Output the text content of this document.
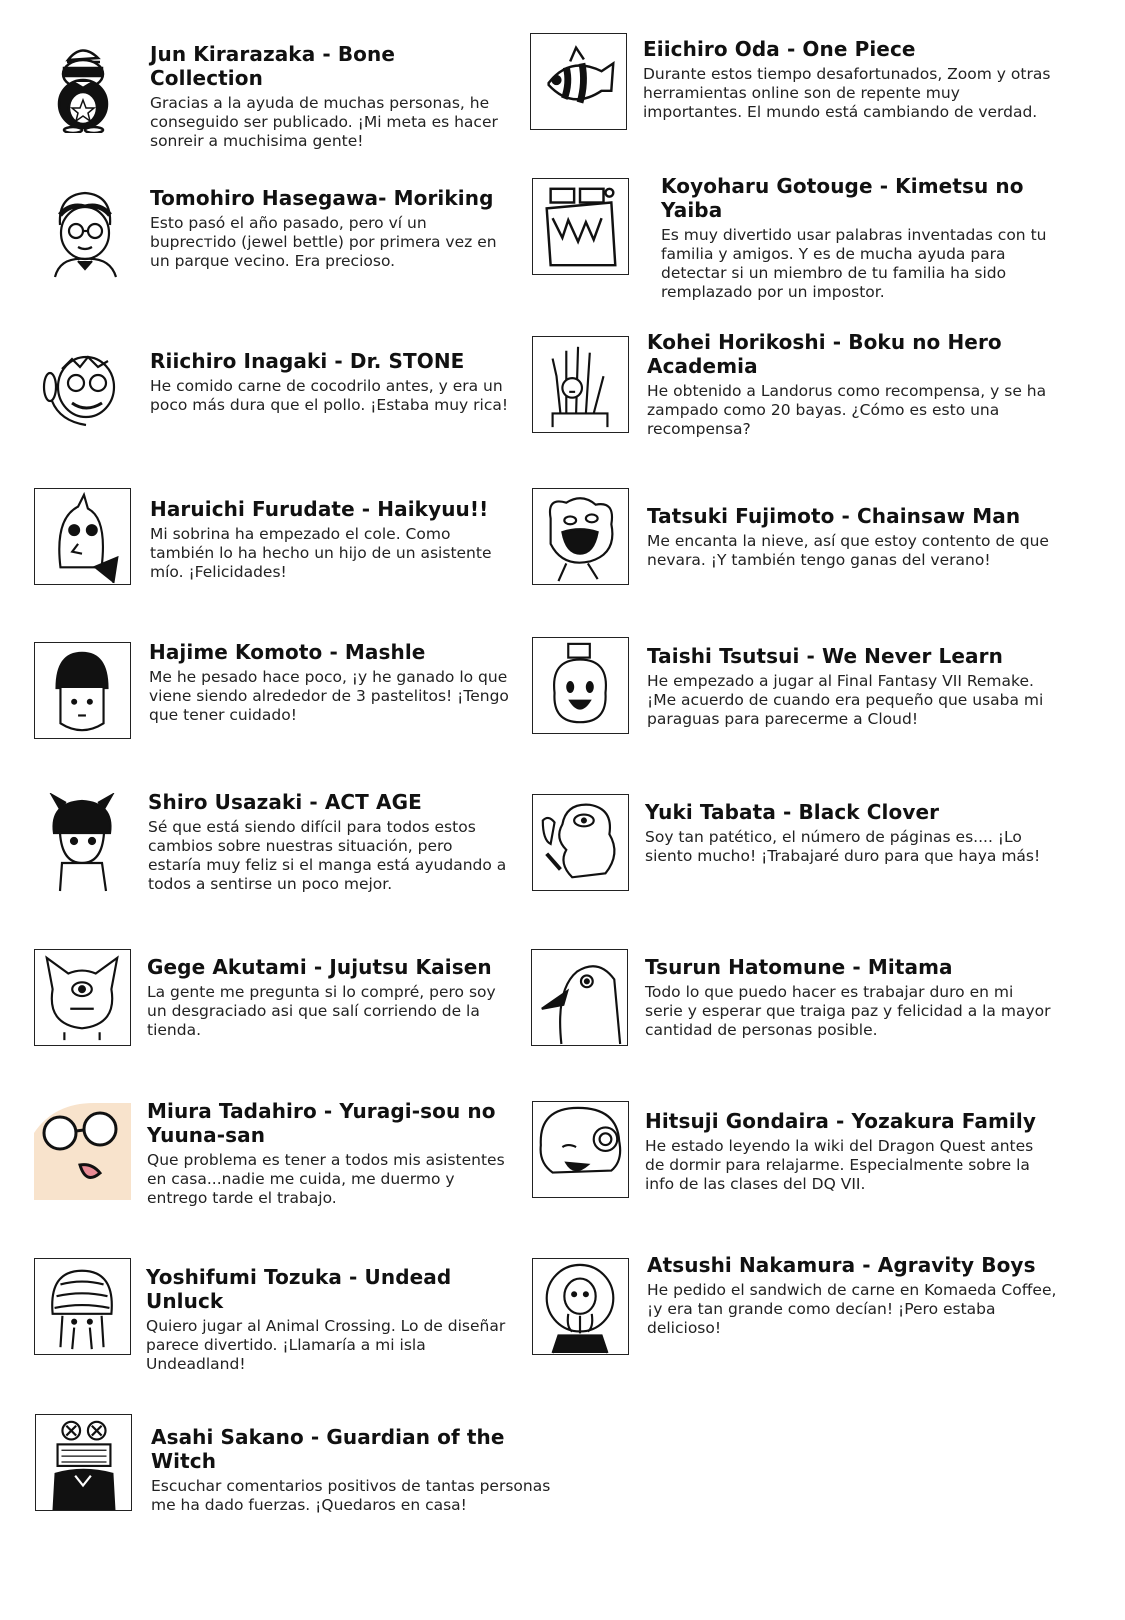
Jun Kirarazaka - Bone Collection

Gracias a la ayuda de muchas personas, he conseguido ser publicado. ¡Mi meta es hacer sonreir a muchisima gente!

Eiichiro Oda - One Piece

Durante estos tiempo desafortunados, Zoom y otras herramientas online son de repente muy importantes. El mundo está cambiando de verdad.

Tomohiro Hasegawa- Moriking

Esto pasó el año pasado, pero ví un bupreстido (jewel bettle) por primera vez en un parque vecino. Era precioso.

Koyoharu Gotouge - Kimetsu no Yaiba

Es muy divertido usar palabras inventadas con tu familia y amigos. Y es de mucha ayuda para detectar si un miembro de tu familia ha sido remplazado por un impostor.

Riichiro Inagaki - Dr. STONE

He comido carne de cocodrilo antes, y era un poco más dura que el pollo. ¡Estaba muy rica!

Kohei Horikoshi - Boku no Hero Academia

He obtenido a Landorus como recompensa, y se ha zampado como 20 bayas. ¿Cómo es esto una recompensa?

Haruichi Furudate - Haikyuu!!

Mi sobrina ha empezado el cole. Como también lo ha hecho un hijo de un asistente mío. ¡Felicidades!

Tatsuki Fujimoto - Chainsaw Man

Me encanta la nieve, así que estoy contento de que nevara. ¡Y también tengo ganas del verano!

Hajime Komoto - Mashle

Me he pesado hace poco, ¡y he ganado lo que viene siendo alrededor de 3 pastelitos! ¡Tengo que tener cuidado!

Taishi Tsutsui - We Never Learn

He empezado a jugar al Final Fantasy VII Remake. ¡Me acuerdo de cuando era pequeño que usaba mi paraguas para parecerme a Cloud!

Shiro Usazaki - ACT AGE

Sé que está siendo difícil para todos estos cambios sobre nuestras situación, pero estaría muy feliz si el manga está ayudando a todos a sentirse un poco mejor.

Yuki Tabata - Black Clover

Soy tan patético, el número de páginas es.... ¡Lo siento mucho! ¡Trabajaré duro para que haya más!

Gege Akutami - Jujutsu Kaisen

La gente me pregunta si lo compré, pero soy un desgraciado asi que salí corriendo de la tienda.

Tsurun Hatomune - Mitama

Todo lo que puedo hacer es trabajar duro en mi serie y esperar que traiga paz y felicidad a la mayor cantidad de personas posible.

Miura Tadahiro - Yuragi-sou no Yuuna-san

Que problema es tener a todos mis asistentes en casa...nadie me cuida, me duermo y entrego tarde el trabajo.

Hitsuji Gondaira - Yozakura Family

He estado leyendo la wiki del Dragon Quest antes de dormir para relajarme. Especialmente sobre la info de las clases del DQ VII.

Yoshifumi Tozuka - Undead Unluck

Quiero jugar al Animal Crossing. Lo de diseñar parece divertido. ¡Llamaría a mi isla Undeadland!

Atsushi Nakamura - Agravity Boys

He pedido el sandwich de carne en Komaeda Coffee, ¡y era tan grande como decían! ¡Pero estaba delicioso!

Asahi Sakano - Guardian of the Witch

Escuchar comentarios positivos de tantas personas me ha dado fuerzas. ¡Quedaros en casa!
